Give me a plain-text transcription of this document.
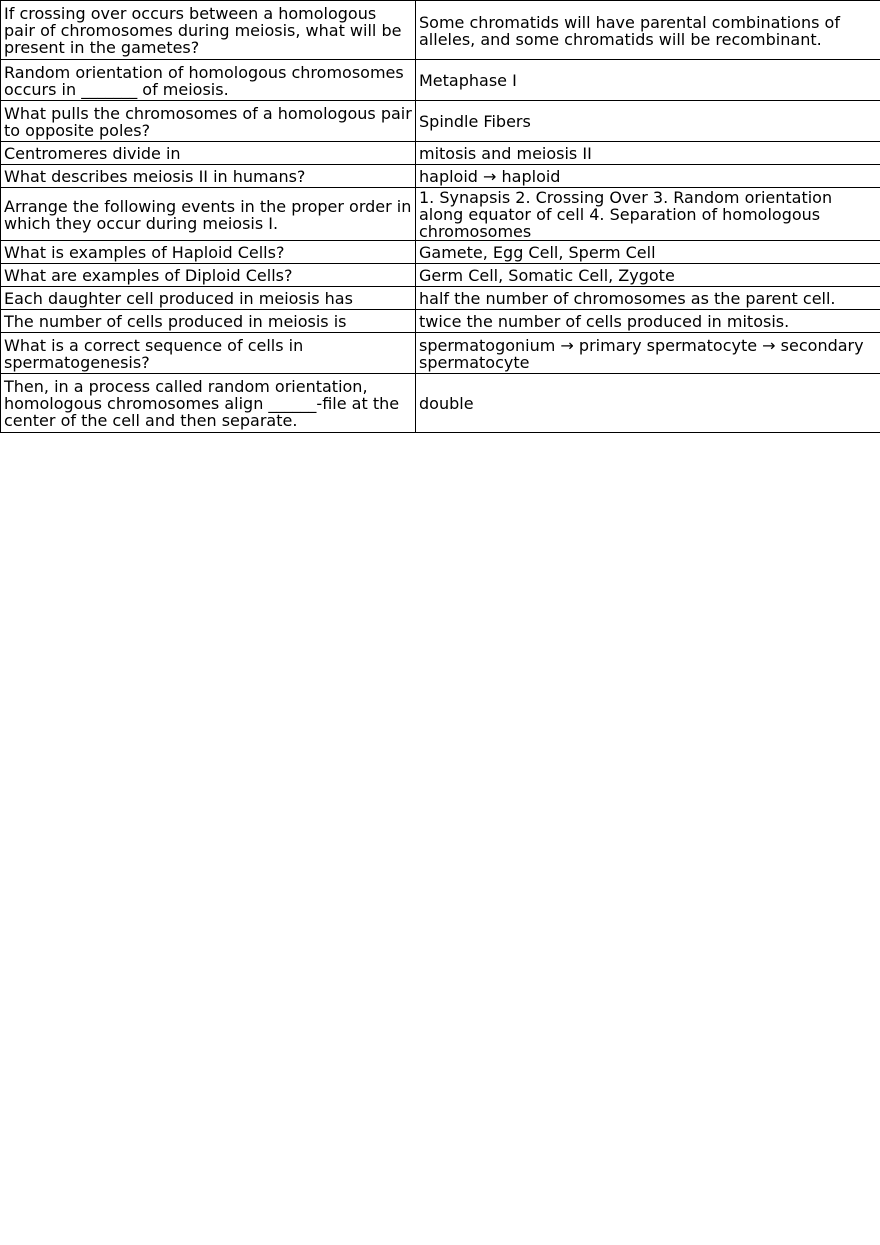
If crossing over occurs between a homologous pair of chromosomes during meiosis, what will be present in the gametes?	Some chromatids will have parental combinations of alleles, and some chromatids will be recombinant.
Random orientation of homologous chromosomes occurs in _______ of meiosis.	Metaphase I
What pulls the chromosomes of a homologous pair to opposite poles?	Spindle Fibers
Centromeres divide in	mitosis and meiosis II
What describes meiosis II in humans?	haploid → haploid
Arrange the following events in the proper order in which they occur during meiosis I.	1. Synapsis 2. Crossing Over 3. Random orientation along equator of cell 4. Separation of homologous chromosomes
What is examples of Haploid Cells?	Gamete, Egg Cell, Sperm Cell
What are examples of Diploid Cells?	Germ Cell, Somatic Cell, Zygote
Each daughter cell produced in meiosis has	half the number of chromosomes as the parent cell.
The number of cells produced in meiosis is	twice the number of cells produced in mitosis.
What is a correct sequence of cells in spermatogenesis?	spermatogonium → primary spermatocyte → secondary spermatocyte
Then, in a process called random orientation, homologous chromosomes align ______-file at the center of the cell and then separate.	double
